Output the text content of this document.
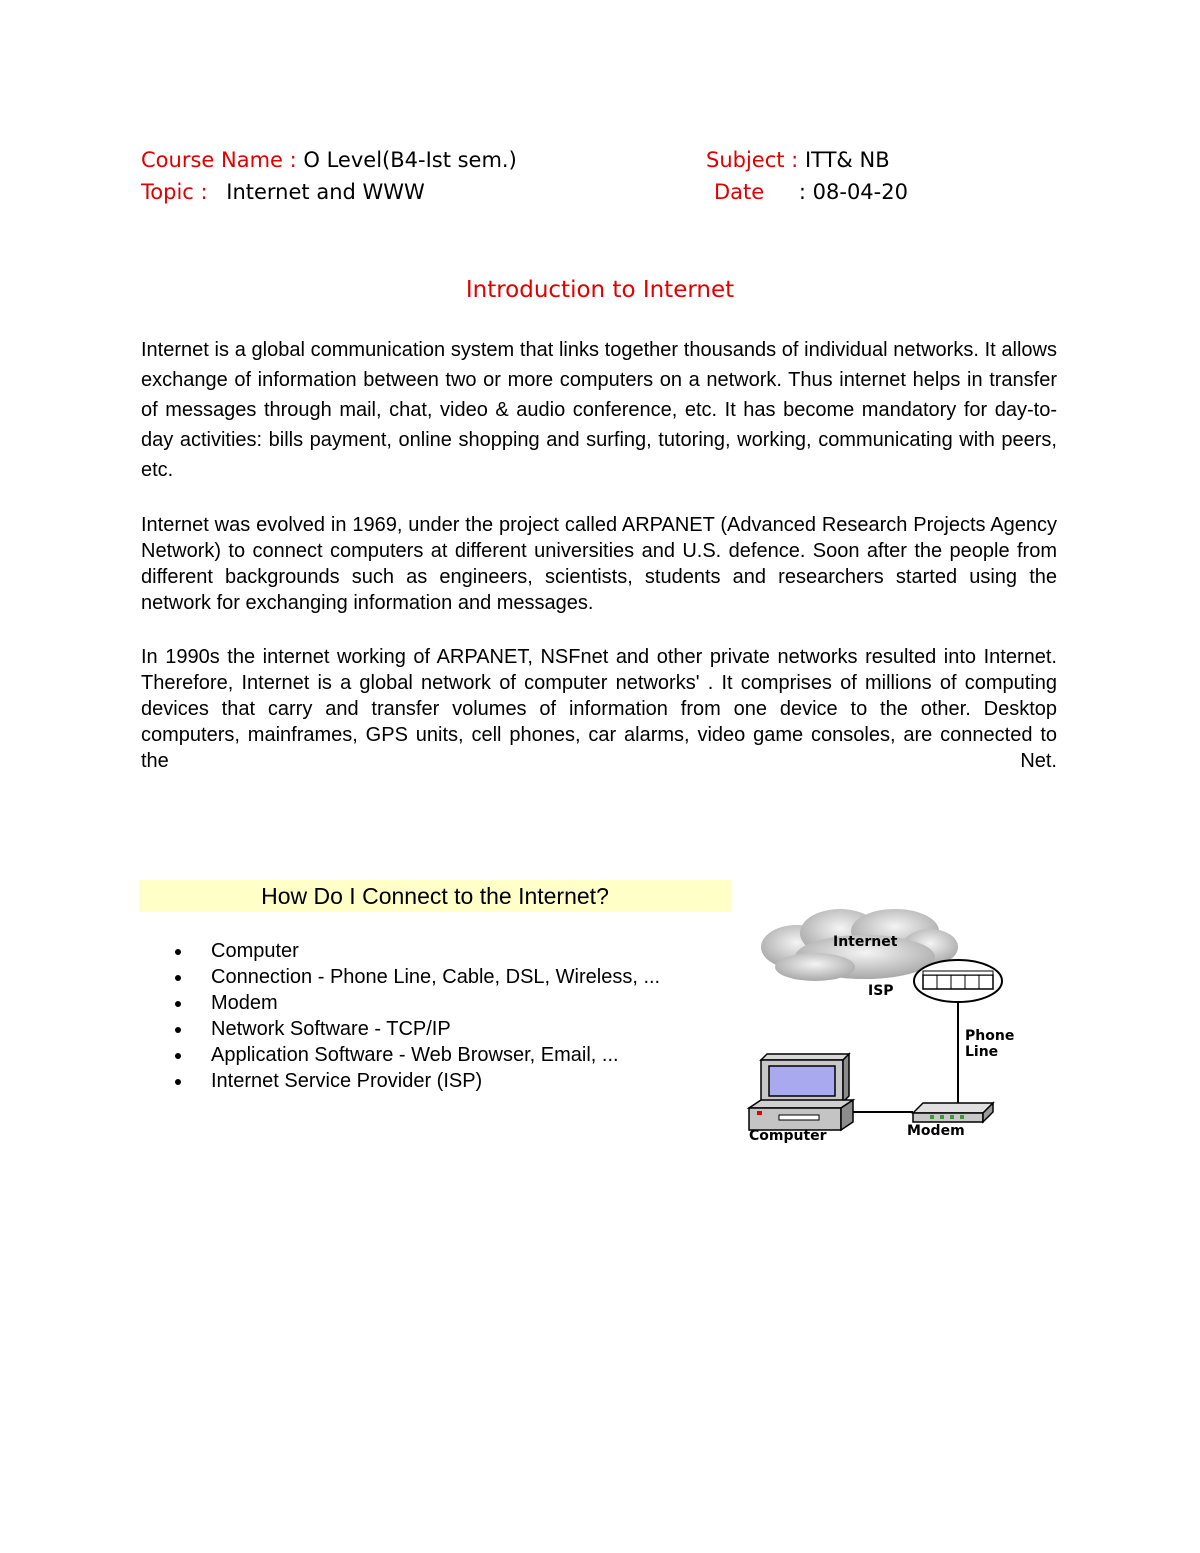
Course Name : O Level(B4-Ist sem.)	Subject : ITT& NB
Topic : Internet and WWW	Date : 08-04-20
Introduction to Internet

Internet is a global communication system that links together thousands of individual networks. It allows exchange of information between two or more computers on a network. Thus internet helps in transfer of messages through mail, chat, video & audio conference, etc. It has become mandatory for day-to-day activities: bills payment, online shopping and surfing, tutoring, working, communicating with peers, etc.

Internet was evolved in 1969, under the project called ARPANET (Advanced Research Projects Agency Network) to connect computers at different universities and U.S. defence. Soon after the people from different backgrounds such as engineers, scientists, students and researchers started using the network for exchanging information and messages.

In 1990s the internet working of ARPANET, NSFnet and other private networks resulted into Internet. Therefore, Internet is a global network of computer networks' . It comprises of millions of computing devices that carry and transfer volumes of information from one device to the other. Desktop computers, mainframes, GPS units, cell phones, car alarms, video game consoles, are connected to the Net.

How Do I Connect to the Internet?
Computer
Connection - Phone Line, Cable, DSL, Wireless, ...
Modem
Network Software - TCP/IP
Application Software - Web Browser, Email, ...
Internet Service Provider (ISP)
Internet
ISP
Phone
Line
Computer	Modem
